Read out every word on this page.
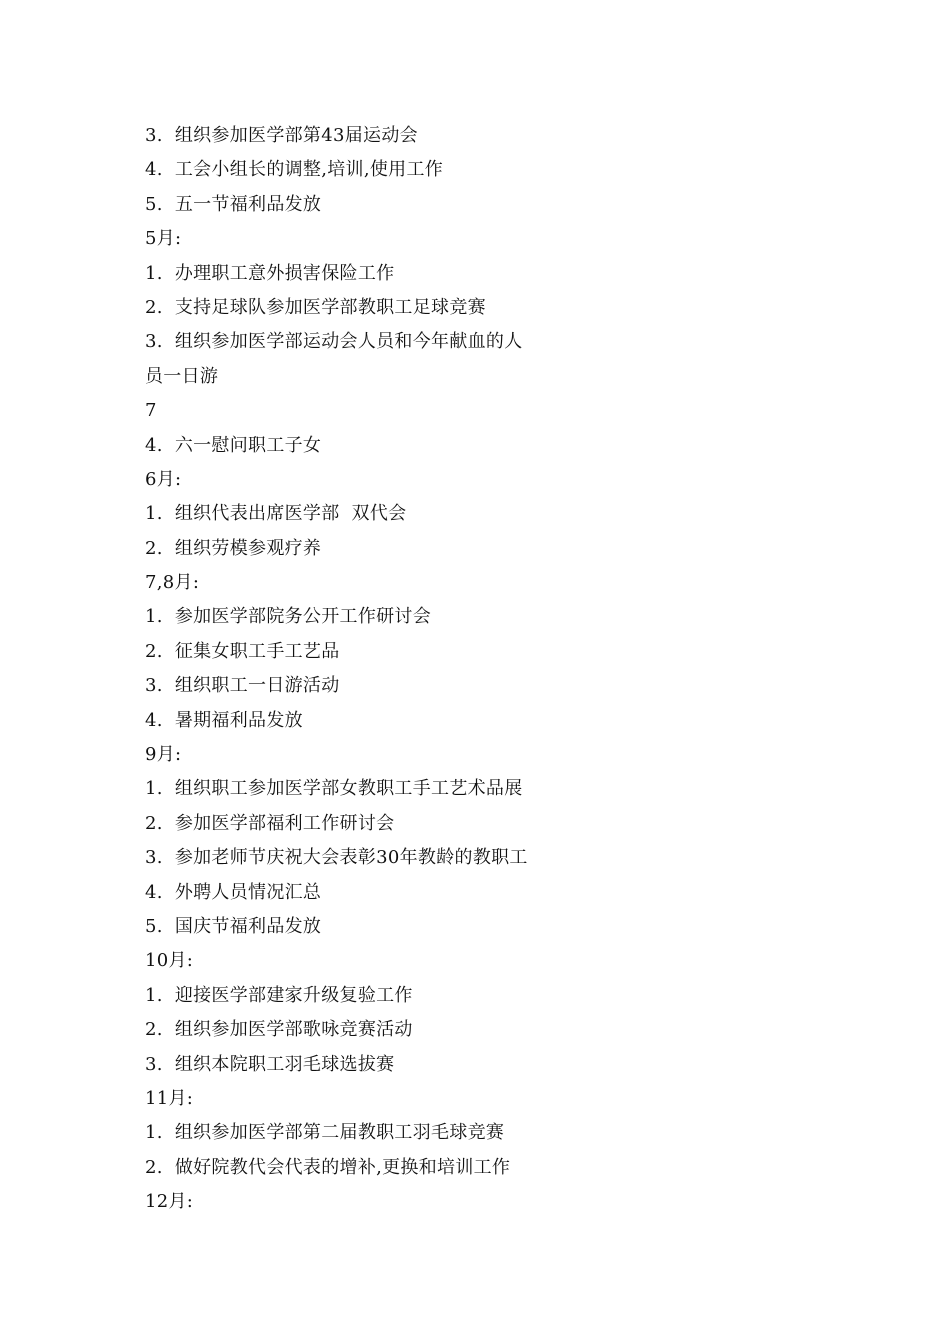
3.  组织参加医学部第43届运动会
4.  工会小组长的调整,培训,使用工作
5.  五一节福利品发放
5月:
1.  办理职工意外损害保险工作
2.  支持足球队参加医学部教职工足球竞赛
3.  组织参加医学部运动会人员和今年献血的人
员一日游
7
4.  六一慰问职工子女
6月:
1.  组织代表出席医学部  双代会
2.  组织劳模参观疗养
7,8月:
1.  参加医学部院务公开工作研讨会
2.  征集女职工手工艺品
3.  组织职工一日游活动
4.  暑期福利品发放
9月:
1.  组织职工参加医学部女教职工手工艺术品展
2.  参加医学部福利工作研讨会
3.  参加老师节庆祝大会表彰30年教龄的教职工
4.  外聘人员情况汇总
5.  国庆节福利品发放
10月:
1.  迎接医学部建家升级复验工作
2.  组织参加医学部歌咏竞赛活动
3.  组织本院职工羽毛球选拔赛
11月:
1.  组织参加医学部第二届教职工羽毛球竞赛
2.  做好院教代会代表的增补,更换和培训工作
12月:
